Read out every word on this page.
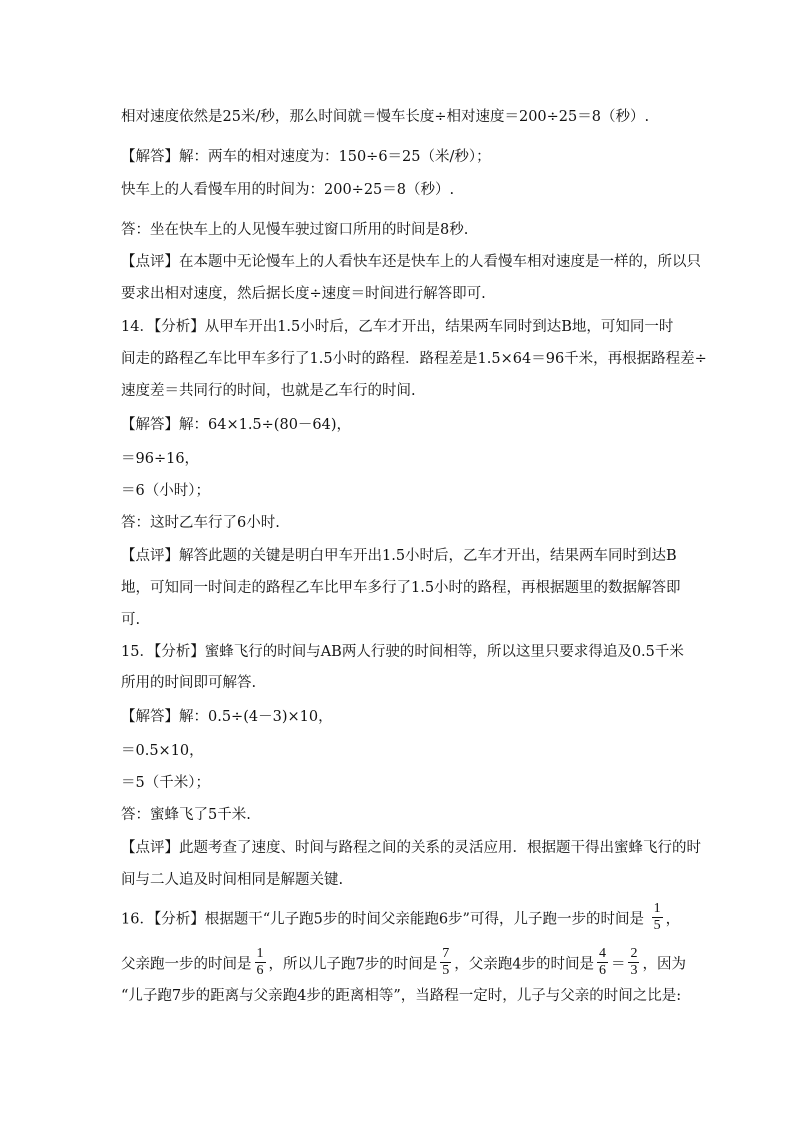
相对速度依然是25米/秒，那么时间就＝慢车长度÷相对速度＝200÷25＝8（秒）.
【解答】解：两车的相对速度为：150÷6＝25（米/秒）；
快车上的人看慢车用的时间为：200÷25＝8（秒）.
答：坐在快车上的人见慢车驶过窗口所用的时间是8秒.
【点评】在本题中无论慢车上的人看快车还是快车上的人看慢车相对速度是一样的，所以只
要求出相对速度，然后据长度÷速度＝时间进行解答即可.
14．【分析】从甲车开出1.5小时后，乙车才开出，结果两车同时到达B地，可知同一时
间走的路程乙车比甲车多行了1.5小时的路程．路程差是1.5×64＝96千米，再根据路程差÷
速度差＝共同行的时间，也就是乙车行的时间.
【解答】解：64×1.5÷(80－64)，
＝96÷16，
＝6（小时）；
答：这时乙车行了6小时.
【点评】解答此题的关键是明白甲车开出1.5小时后，乙车才开出，结果两车同时到达B
地，可知同一时间走的路程乙车比甲车多行了1.5小时的路程，再根据题里的数据解答即
可.
15．【分析】蜜蜂飞行的时间与AB两人行驶的时间相等，所以这里只要求得追及0.5千米
所用的时间即可解答.
【解答】解：0.5÷(4－3)×10，
＝0.5×10，
＝5（千米）；
答：蜜蜂飞了5千米.
【点评】此题考查了速度、时间与路程之间的关系的灵活应用．根据题干得出蜜蜂飞行的时
间与二人追及时间相同是解题关键.
16．【分析】根据题干“儿子跑5步的时间父亲能跑6步”可得，儿子跑一步的时间是 $\frac{1}{5}$ ，
父亲跑一步的时间是 $\frac{1}{6}$ ，所以儿子跑7步的时间是 $\frac{7}{5}$ ，父亲跑4步的时间是 $\frac{4}{6} = \frac{2}{3}$ ，因为
“儿子跑7步的距离与父亲跑4步的距离相等”，当路程一定时，儿子与父亲的时间之比是:
